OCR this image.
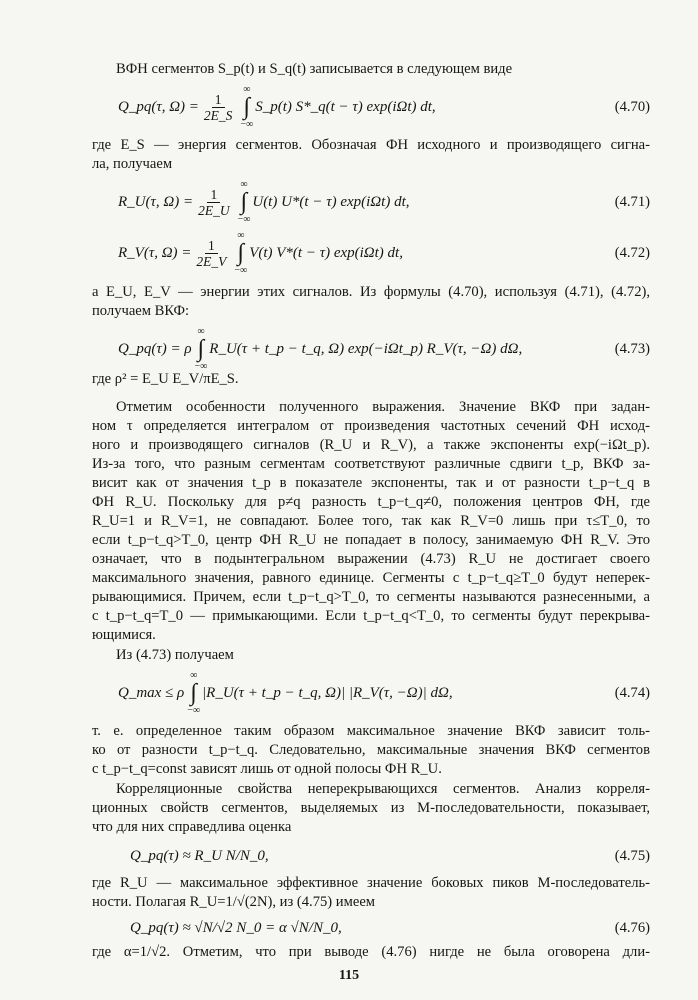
ВФН сегментов S_p(t) и S_q(t) записывается в следующем виде
Q_pq(τ, $\Omega) = \frac{1}{2E\_S}$
∞
∫
−∞
S_p(t) S*_q(t − τ) exp(iΩt) dt,	(4.70)
где E_S — энергия сегментов. Обозначая ФН исходного и производящего сигна-
ла, получаем
R_U(τ, $\Omega) = \frac{1}{2E\_U}$
∞
∫
−∞
U(t) U*(t − τ) exp(iΩt) dt,	(4.71)
R_V(τ, $\Omega) = \frac{1}{2E\_V}$
∞
∫
−∞
V(t) V*(t − τ) exp(iΩt) dt,	(4.72)
а E_U, E_V — энергии этих сигналов. Из формулы (4.70), используя (4.71), (4.72),
получаем ВКФ:
Q_pq(τ) = ρ
∞
∫
−∞
R_U(τ + t_p − t_q, Ω) exp(−iΩt_p) R_V(τ, −Ω) dΩ,	(4.73)
где ρ² = E_U E_V/πE_S.
Отметим особенности полученного выражения. Значение ВКФ при задан-
ном τ определяется интегралом от произведения частотных сечений ФН исход-
ного и производящего сигналов (R_U и R_V), а также экспоненты exp(−iΩt_p).
Из-за того, что разным сегментам соответствуют различные сдвиги t_p, ВКФ за-
висит как от значения t_p в показателе экспоненты, так и от разности t_p−t_q в
ФН R_U. Поскольку для p≠q разность t_p−t_q≠0, положения центров ФН, где
R_U=1 и R_V=1, не совпадают. Более того, так как R_V=0 лишь при τ≤T_0, то
если t_p−t_q>T_0, центр ФН R_U не попадает в полосу, занимаемую ФН R_V. Это
означает, что в подынтегральном выражении (4.73) R_U не достигает своего
максимального значения, равного единице. Сегменты с t_p−t_q≥T_0 будут неперек-
рывающимися. Причем, если t_p−t_q>T_0, то сегменты называются разнесенными, а
с t_p−t_q=T_0 — примыкающими. Если t_p−t_q<T_0, то сегменты будут перекрыва-
ющимися.
Из (4.73) получаем
Q_max ≤ ρ
∞
∫
−∞
|R_U(τ + t_p − t_q, Ω)| |R_V(τ, −Ω)| dΩ,	(4.74)
т. е. определенное таким образом максимальное значение ВКФ зависит толь-
ко от разности t_p−t_q. Следовательно, максимальные значения ВКФ сегментов
с t_p−t_q=const зависят лишь от одной полосы ФН R_U.
Корреляционные свойства неперекрывающихся сегментов. Анализ корреля-
ционных свойств сегментов, выделяемых из M-последовательности, показывает,
что для них справедлива оценка
Q_pq(τ) ≈ R_U N/N_0,	(4.75)
где R_U — максимальное эффективное значение боковых пиков M-последователь-
ности. Полагая R_U=1/√(2N), из (4.75) имеем
Q_pq(τ) ≈ √N/√2 N_0 = α √N/N_0,	(4.76)
где α=1/√2. Отметим, что при выводе (4.76) нигде не была оговорена дли-
115
